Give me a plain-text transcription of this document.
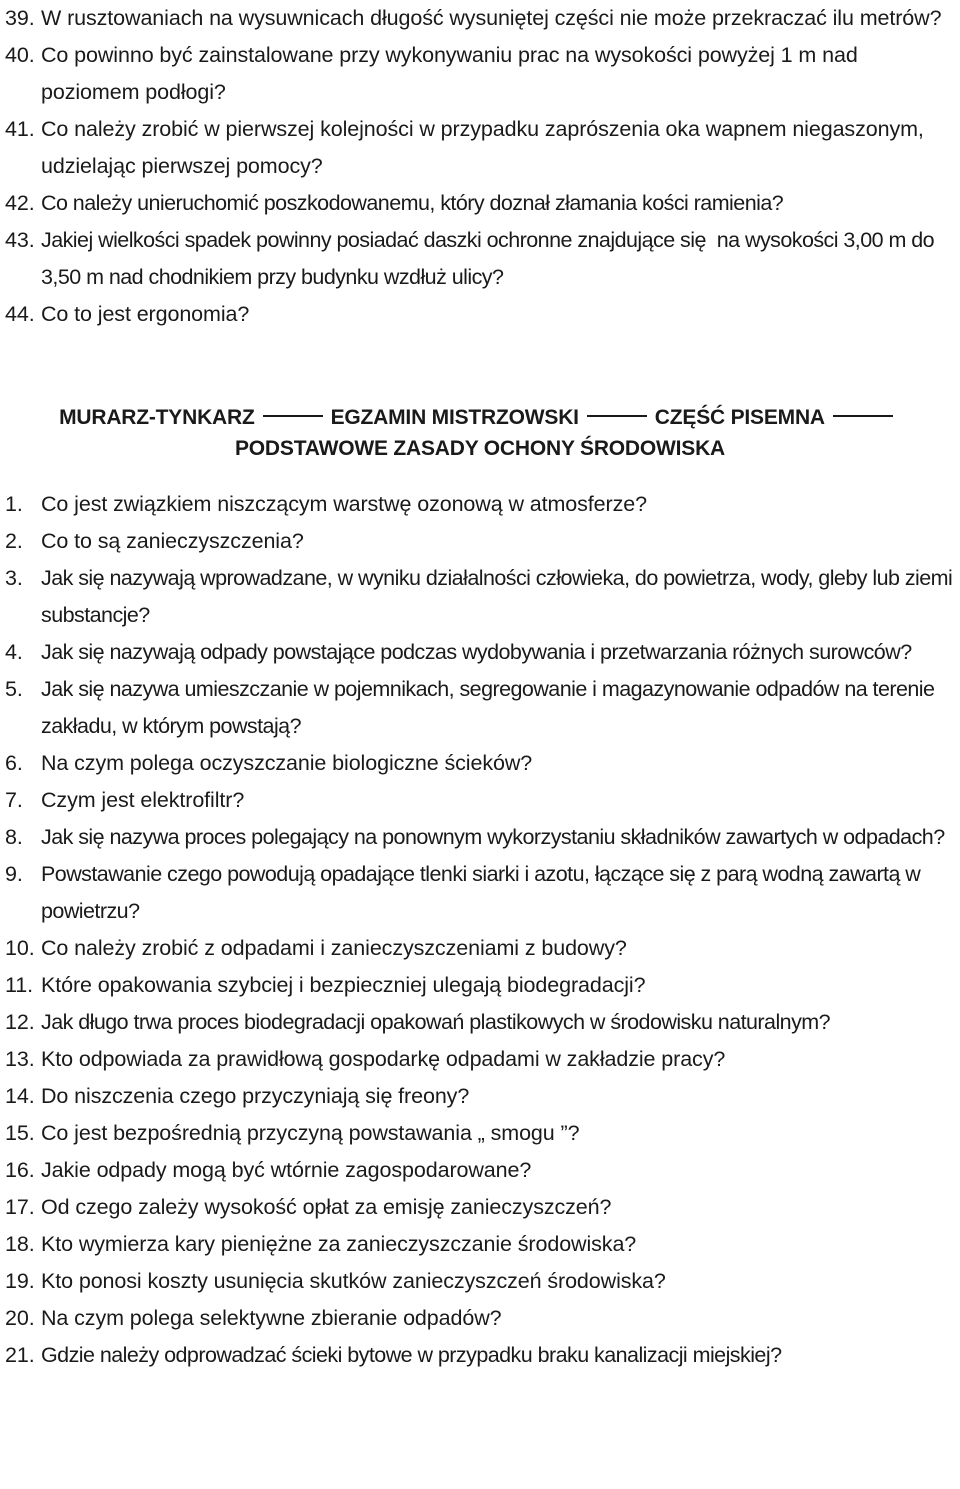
39. W rusztowaniach na wysuwnicach długość wysuniętej części nie może przekraczać ilu metrów?
40. Co powinno być zainstalowane przy wykonywaniu prac na wysokości powyżej 1 m nad poziomem podłogi?
41. Co należy zrobić w pierwszej kolejności w przypadku zaprószenia oka wapnem niegaszonym, udzielając pierwszej pomocy?
42. Co należy unieruchomić poszkodowanemu, który doznał złamania kości ramienia?
43. Jakiej wielkości spadek powinny posiadać daszki ochronne znajdujące się  na wysokości 3,00 m do 3,50 m nad chodnikiem przy budynku wzdłuż ulicy?
44. Co to jest ergonomia?
MURARZ-TYNKARZ	EGZAMIN MISTRZOWSKI	CZĘŚĆ PISEMNA
PODSTAWOWE ZASADY OCHONY ŚRODOWISKA
1. Co jest związkiem niszczącym warstwę ozonową w atmosferze?
2. Co to są zanieczyszczenia?
3. Jak się nazywają wprowadzane, w wyniku działalności człowieka, do powietrza, wody, gleby lub ziemi substancje?
4. Jak się nazywają odpady powstające podczas wydobywania i przetwarzania różnych surowców?
5. Jak się nazywa umieszczanie w pojemnikach, segregowanie i magazynowanie odpadów na terenie zakładu, w którym powstają?
6. Na czym polega oczyszczanie biologiczne ścieków?
7. Czym jest elektrofiltr?
8. Jak się nazywa proces polegający na ponownym wykorzystaniu składników zawartych w odpadach?
9. Powstawanie czego powodują opadające tlenki siarki i azotu, łączące się z parą wodną zawartą w powietrzu?
10. Co należy zrobić z odpadami i zanieczyszczeniami z budowy?
11. Które opakowania szybciej i bezpieczniej ulegają biodegradacji?
12. Jak długo trwa proces biodegradacji opakowań plastikowych w środowisku naturalnym?
13. Kto odpowiada za prawidłową gospodarkę odpadami w zakładzie pracy?
14. Do niszczenia czego przyczyniają się freony?
15. Co jest bezpośrednią przyczyną powstawania „ smogu ”?
16. Jakie odpady mogą być wtórnie zagospodarowane?
17. Od czego zależy wysokość opłat za emisję zanieczyszczeń?
18. Kto wymierza kary pieniężne za zanieczyszczanie środowiska?
19. Kto ponosi koszty usunięcia skutków zanieczyszczeń środowiska?
20. Na czym polega selektywne zbieranie odpadów?
21. Gdzie należy odprowadzać ścieki bytowe w przypadku braku kanalizacji miejskiej?
